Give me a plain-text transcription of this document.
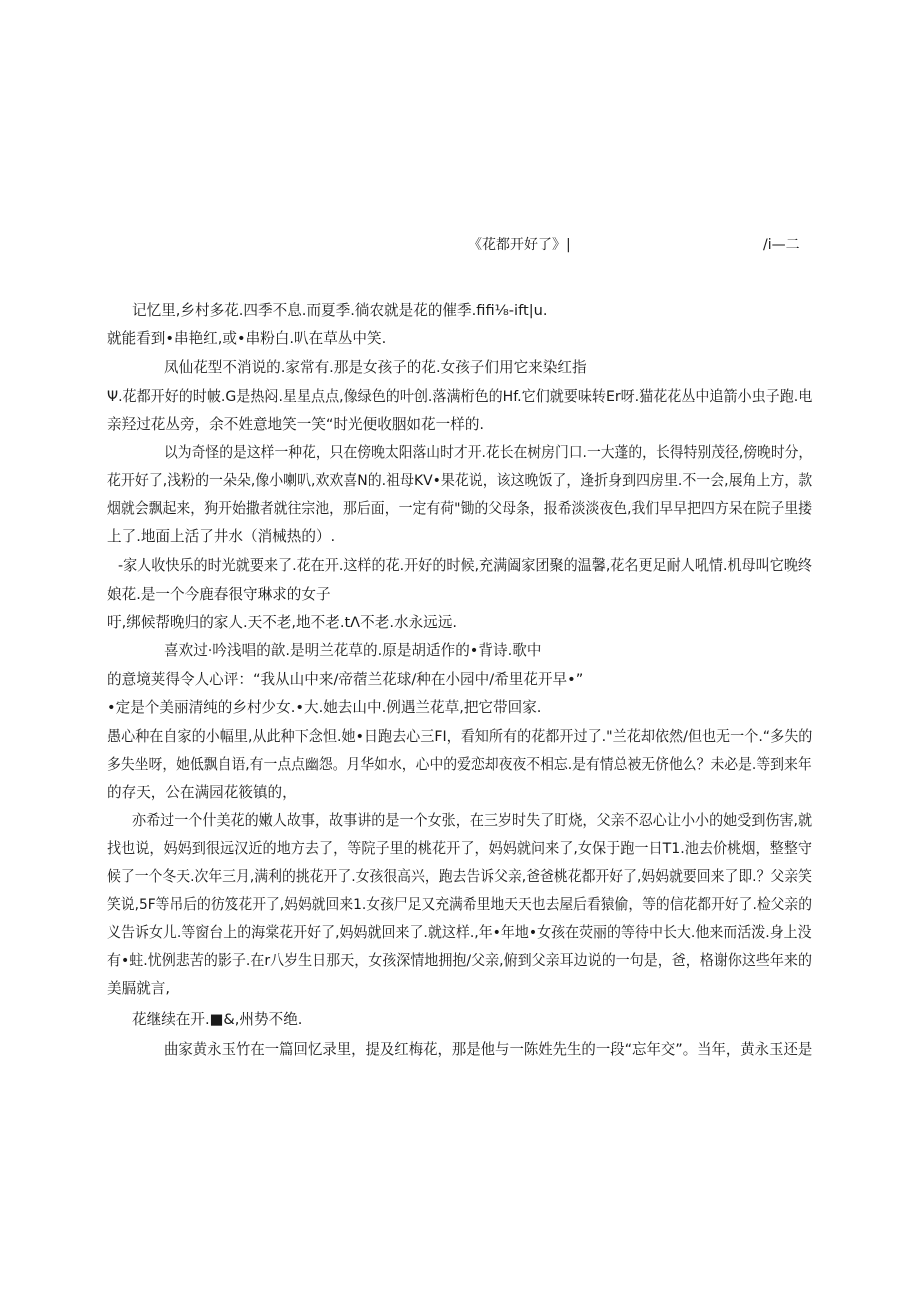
《花都开好了》|	/i—二
记忆里,乡村多花.四季不息.而夏季.徜农就是花的催季.fifi⅛-ift|u.
就能看到•串艳红,或•串粉白.叭在草丛中笑.
凤仙花型不消说的.家常有.那是女孩子的花.女孩子们用它来染红指
Ψ.花都开好的时帔.G是热闷.星星点点,像绿色的叶创.落满桁色的Hf.它们就要味转Er呀.猫花花丛中追箭小虫子跑.电
亲羟过花丛旁，余不姓意地笑一笑“时光便收胭如花一样的.
以为奇怪的是这样一种花，只在傍晚太阳落山时才开.花长在树房门口.一大蓬的，长得特别茂径,傍晚时分，
花开好了,浅粉的一朵朵,像小喇叭,欢欢喜N的.祖母KV•果花说，该这晚饭了，逢折身到四房里.不一会,展角上方，款
烟就会飘起来，狗开始撒者就往宗池，那后面，一定有荷"锄的父母条，报希淡淡夜色,我们早早把四方呆在院子里搂
上了.地面上活了井水（消械热的）.
-家人收快乐的时光就要来了.花在开.这样的花.开好的时候,充满阖家团聚的温馨,花名更足耐人吼情.机母叫它晚终
娘花.是一个今鹿春很守琳求的女子
吁,绑候帮晚归的家人.天不老,地不老.tΛ不老.水永远远.
喜欢过·吟浅唱的歆.是明兰花草的.原是胡适作的•背诗.歌中
的意境荚得令人心评：“我从山中来/帝蓿兰花球/种在小园中/希里花开早•”
•定是个美丽清纯的乡村少女.•大.她去山中.例遇兰花草,把它带回家.
愚心种在自家的小幅里,从此种下念怛.她•日跑去心三FI，看知所有的花都开过了."兰花却依然/但也无一个.“多失的
多失坐呀，她低飘自语,有一点点幽怨。月华如水，心中的爱恋却夜夜不相忘.是有情总被无侪他么？未必是.等到来年
的存天，公在满园花筱镇的，
亦希过一个什美花的嫩人故事，故事讲的是一个女张，在三岁时失了盯烧，父亲不忍心让小小的她受到伤害,就
找也说，妈妈到很远汉近的地方去了，等院子里的桃花开了，妈妈就问来了,女保于跑一日T1.池去价桃烟，整整守
候了一个冬天.次年三月,满利的挑花开了.女孩很高兴，跑去告诉父亲,爸爸桃花都开好了,妈妈就要回来了即.？父亲笑
笑说,5F等吊后的彷笈花开了,妈妈就回来1.女孩尸足又充满希里地天天也去屋后看猿偷，等的信花都开好了.检父亲的
义告诉女儿.等窗台上的海棠花开好了,妈妈就回来了.就这样.,年•年地•女孩在荧丽的等待中长大.他来而活泼.身上没
有•蛀.忧例悲苦的影子.在r八岁生日那天，女孩深情地拥抱/父亲,俯到父亲耳边说的一句是，爸，格谢你这些年来的
美膈就言,
花继续在开.■&,州势不绝.
曲家黄永玉竹在一篇回忆录里，提及红梅花，那是他与一陈姓先生的一段“忘年交”。当年，黄永玉还是
